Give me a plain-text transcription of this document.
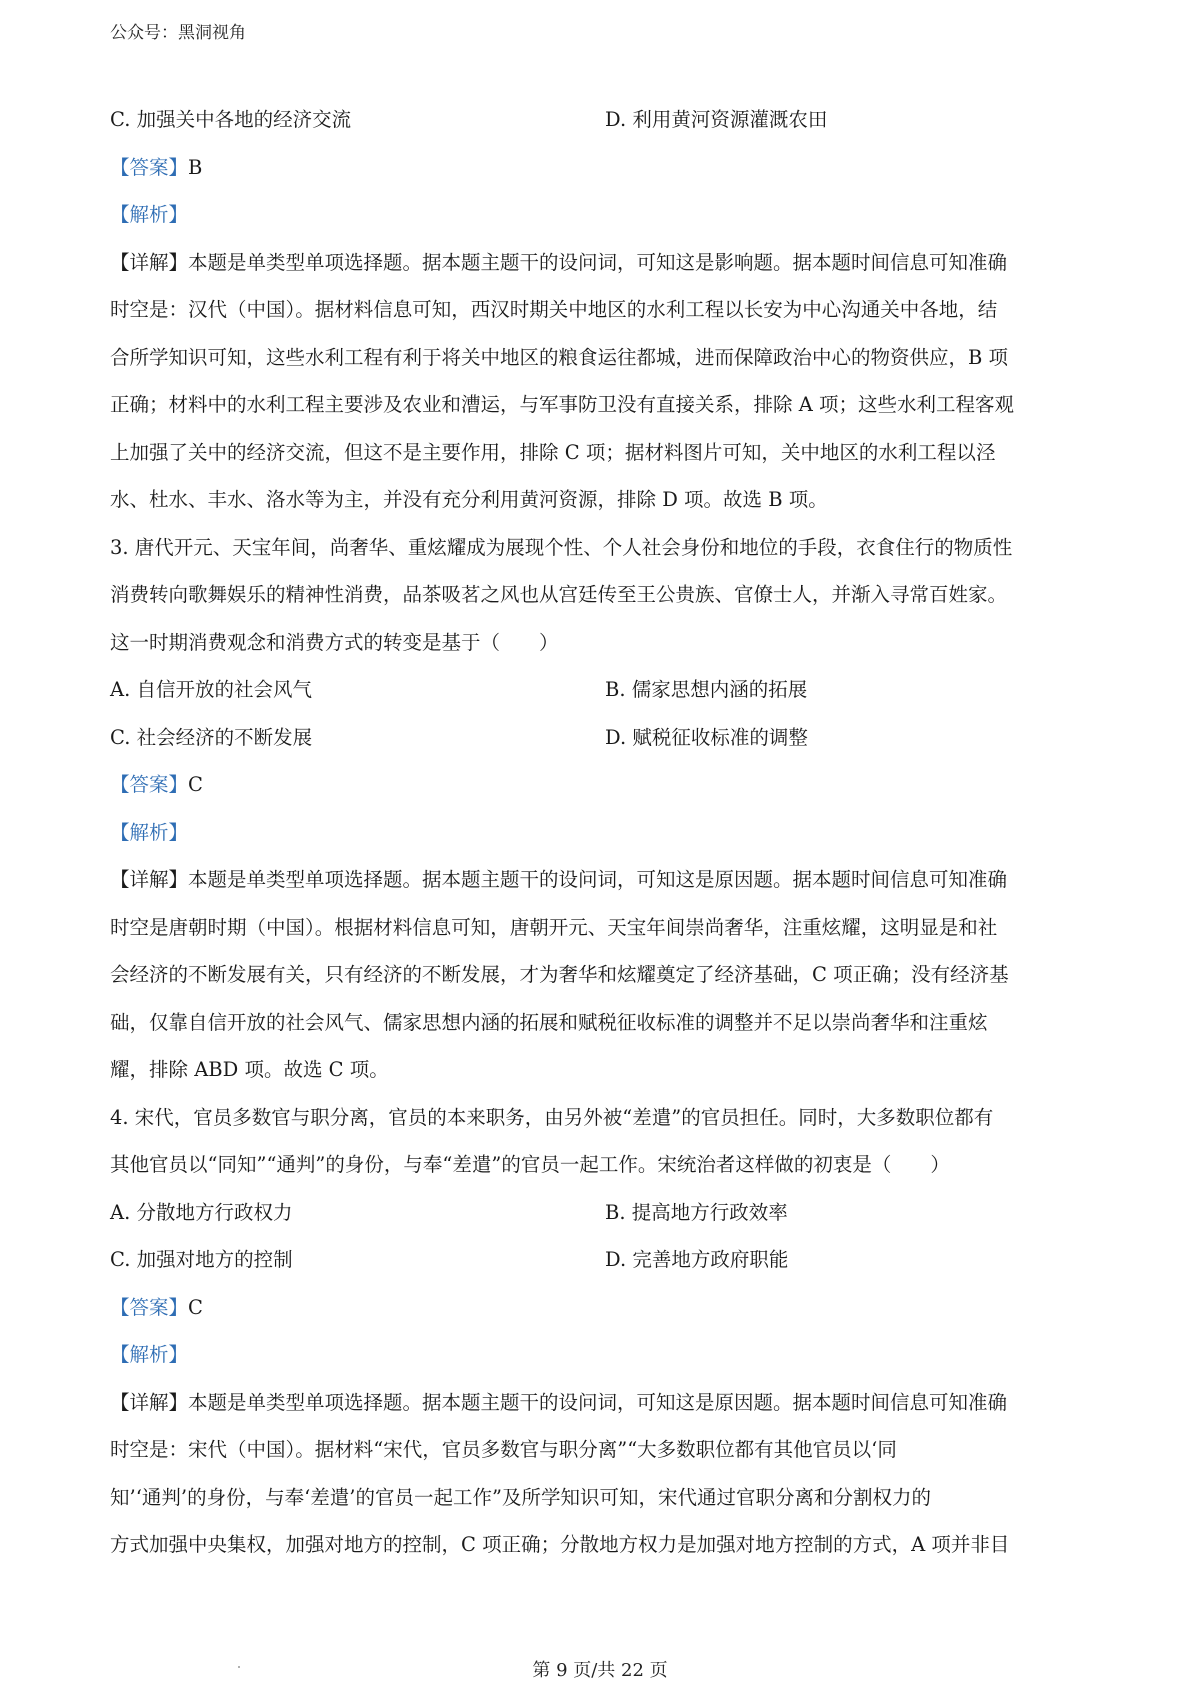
公众号：黑洞视角
C. 加强关中各地的经济交流	D. 利用黄河资源灌溉农田
【答案】B
【解析】
【详解】本题是单类型单项选择题。据本题主题干的设问词，可知这是影响题。据本题时间信息可知准确
时空是：汉代（中国）。据材料信息可知，西汉时期关中地区的水利工程以长安为中心沟通关中各地，结
合所学知识可知，这些水利工程有利于将关中地区的粮食运往都城，进而保障政治中心的物资供应，B 项
正确；材料中的水利工程主要涉及农业和漕运，与军事防卫没有直接关系，排除 A 项；这些水利工程客观
上加强了关中的经济交流，但这不是主要作用，排除 C 项；据材料图片可知，关中地区的水利工程以泾
水、杜水、丰水、洛水等为主，并没有充分利用黄河资源，排除 D 项。故选 B 项。
3. 唐代开元、天宝年间，尚奢华、重炫耀成为展现个性、个人社会身份和地位的手段，衣食住行的物质性
消费转向歌舞娱乐的精神性消费，品茶吸茗之风也从宫廷传至王公贵族、官僚士人，并渐入寻常百姓家。
这一时期消费观念和消费方式的转变是基于（　　）
A. 自信开放的社会风气	B. 儒家思想内涵的拓展
C. 社会经济的不断发展	D. 赋税征收标准的调整
【答案】C
【解析】
【详解】本题是单类型单项选择题。据本题主题干的设问词，可知这是原因题。据本题时间信息可知准确
时空是唐朝时期（中国）。根据材料信息可知，唐朝开元、天宝年间崇尚奢华，注重炫耀，这明显是和社
会经济的不断发展有关，只有经济的不断发展，才为奢华和炫耀奠定了经济基础，C 项正确；没有经济基
础，仅靠自信开放的社会风气、儒家思想内涵的拓展和赋税征收标准的调整并不足以崇尚奢华和注重炫
耀，排除 ABD 项。故选 C 项。
4. 宋代，官员多数官与职分离，官员的本来职务，由另外被“差遣”的官员担任。同时，大多数职位都有
其他官员以“同知”“通判”的身份，与奉“差遣”的官员一起工作。宋统治者这样做的初衷是（　　）
A. 分散地方行政权力	B. 提高地方行政效率
C. 加强对地方的控制	D. 完善地方政府职能
【答案】C
【解析】
【详解】本题是单类型单项选择题。据本题主题干的设问词，可知这是原因题。据本题时间信息可知准确
时空是：宋代（中国）。据材料“宋代，官员多数官与职分离”“大多数职位都有其他官员以‘同
知’‘通判’的身份，与奉‘差遣’的官员一起工作”及所学知识可知，宋代通过官职分离和分割权力的
方式加强中央集权，加强对地方的控制，C 项正确；分散地方权力是加强对地方控制的方式，A 项并非目
第 9 页/共 22 页
